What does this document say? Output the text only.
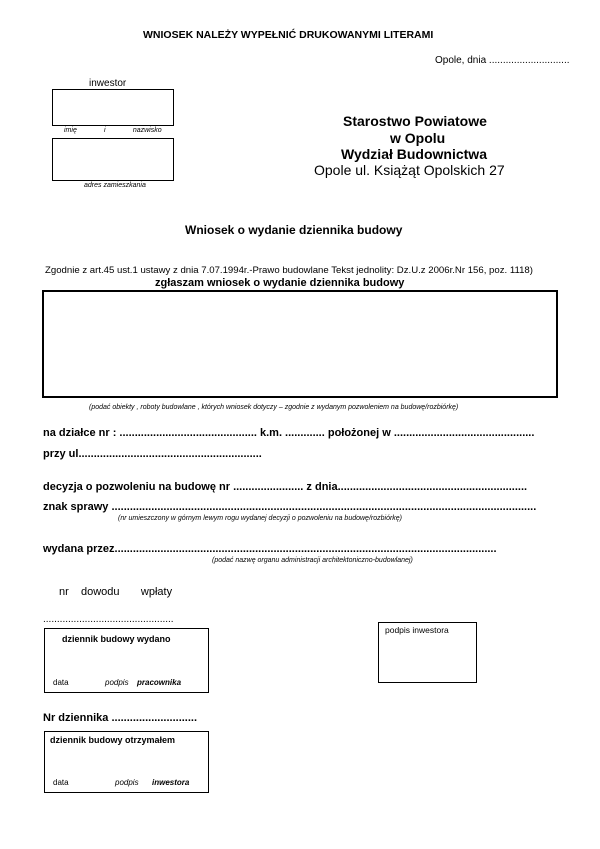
WNIOSEK NALEŻY WYPEŁNIĆ DRUKOWANYMI LITERAMI
Opole, dnia .............................
inwestor
imię              i              nazwisko
adres zamieszkania
Starostwo Powiatowe
w Opolu
Wydział Budownictwa
Opole ul. Książąt Opolskich 27
Wniosek o wydanie dziennika budowy
Zgodnie z art.45 ust.1 ustawy z dnia 7.07.1994r.-Prawo budowlane Tekst jednolity: Dz.U.z 2006r.Nr 156, poz. 1118)
zgłaszam wniosek o wydanie dziennika budowy
(podać obiekty , roboty budowlane , których wniosek dotyczy – zgodnie z wydanym pozwoleniem na budowę/rozbiórkę)
na działce nr : ............................................. k.m. ............. położonej w ..............................................
przy ul............................................................
decyzja o pozwoleniu na budowę nr ....................... z dnia..............................................................
znak sprawy ...........................................................................................................................................
(nr umieszczony w górnym lewym rogu wydanej decyzji o pozwoleniu na budowę/rozbiórkę)
wydana przez.............................................................................................................................
(podać nazwę organu administracji architektoniczno-budowlanej)
nr    dowodu       wpłaty
...............................................
dziennik budowy wydano
data	podpis pracownika
podpis inwestora
Nr dziennika ............................
dziennik budowy otrzymałem
data	podpis inwestora
